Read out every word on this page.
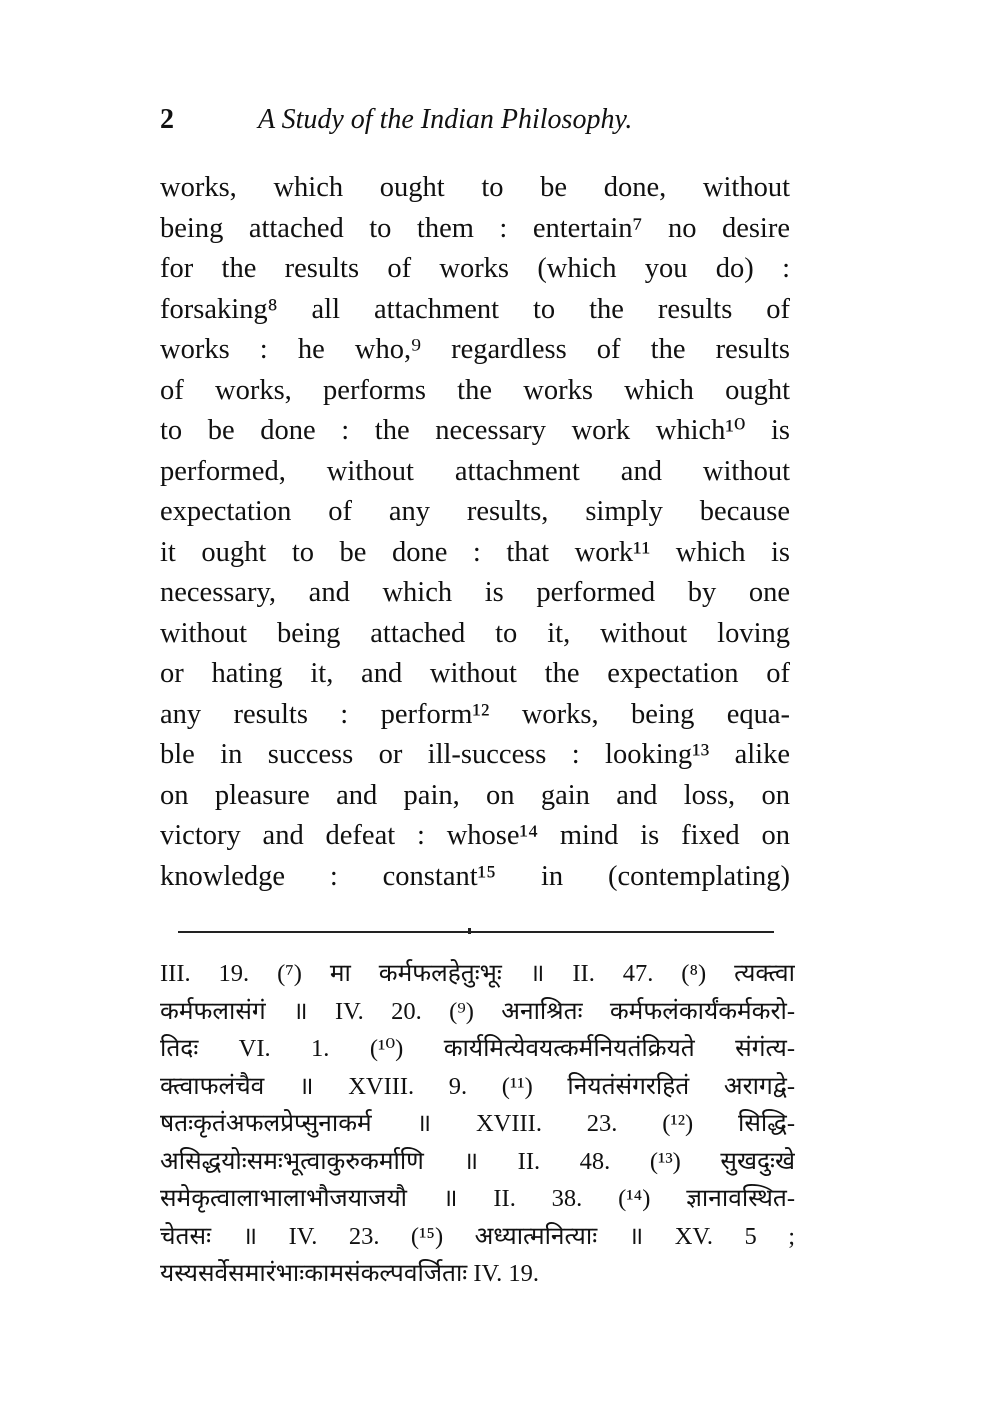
2	A Study of the Indian Philosophy.
works, which ought to be done, without
being attached to them : entertain⁷ no desire
for the results of works (which you do) :
forsaking⁸ all attachment to the results of
works : he who,⁹ regardless of the results
of works, performs the works which ought
to be done : the necessary work which¹⁰ is
performed, without attachment and without
expectation of any results, simply because
it ought to be done : that work¹¹ which is
necessary, and which is performed by one
without being attached to it, without loving
or hating it, and without the expectation of
any results : perform¹² works, being equa-
ble in success or ill-success : looking¹³ alike
on pleasure and pain, on gain and loss, on
victory and defeat : whose¹⁴ mind is fixed on
knowledge : constant¹⁵ in (contemplating)
III. 19. (⁷) मा कर्मफलहेतुःभूः ॥ II. 47. (⁸) त्यक्त्वा
कर्मफलासंगं ॥ IV. 20. (⁹) अनाश्रितः कर्मफलंकार्यंकर्मकरो-
तिदः VI. 1. (¹⁰) कार्यमित्येवयत्कर्मनियतंक्रियते संगंत्य-
क्त्वाफलंचैव ॥ XVIII. 9. (¹¹) नियतंसंगरहितं अरागद्वे-
षतःकृतंअफलप्रेप्सुनाकर्म ॥ XVIII. 23. (¹²) सिद्धि-
असिद्धयोःसमःभूत्वाकुरुकर्माणि ॥ II. 48. (¹³) सुखदुःखे
समेकृत्वालाभालाभौजयाजयौ ॥ II. 38. (¹⁴) ज्ञानावस्थित-
चेतसः ॥ IV. 23. (¹⁵) अध्यात्मनित्याः ॥ XV. 5 ;
यस्यसर्वेसमारंभाःकामसंकल्पवर्जिताः IV. 19.
